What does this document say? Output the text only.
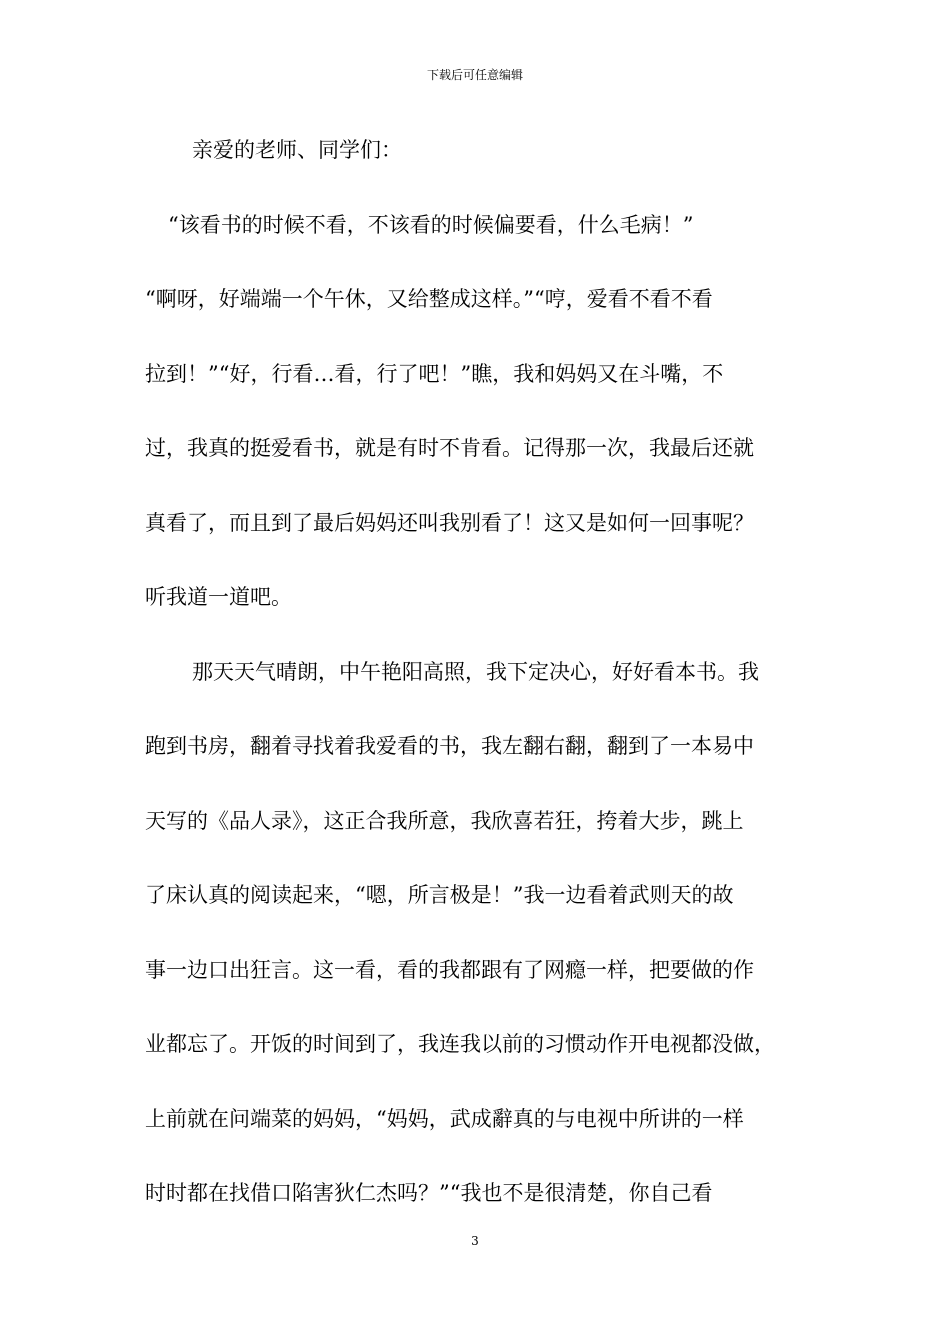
下载后可任意编辑

亲爱的老师、同学们：

“该看书的时候不看，不该看的时候偏要看，什么毛病！”

“啊呀，好端端一个午休，又给整成这样。”“哼，爱看不看不看

拉到！”“好，行看…看，行了吧！”瞧，我和妈妈又在斗嘴，不

过，我真的挺爱看书，就是有时不肯看。记得那一次，我最后还就

真看了，而且到了最后妈妈还叫我别看了！这又是如何一回事呢？

听我道一道吧。

那天天气晴朗，中午艳阳高照，我下定决心，好好看本书。我

跑到书房，翻着寻找着我爱看的书，我左翻右翻，翻到了一本易中

天写的《品人录》，这正合我所意，我欣喜若狂，挎着大步，跳上

了床认真的阅读起来，“嗯，所言极是！”我一边看着武则天的故

事一边口出狂言。这一看，看的我都跟有了网瘾一样，把要做的作

业都忘了。开饭的时间到了，我连我以前的习惯动作开电视都没做，

上前就在问端菜的妈妈，“妈妈，武成辭真的与电视中所讲的一样

时时都在找借口陷害狄仁杰吗？”“我也不是很清楚，你自己看

3
